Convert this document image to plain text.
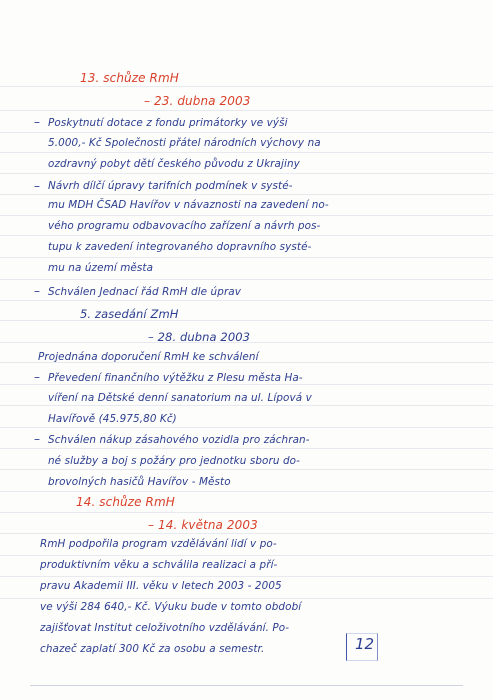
13. schůze RmH
– 23. dubna 2003
– Poskytnutí dotace z fondu primátorky ve výši
5.000,- Kč Společnosti přátel národních výchovy na
ozdravný pobyt dětí českého původu z Ukrajiny
– Návrh dílčí úpravy tarifních podmínek v systé-
mu MDH ČSAD Havířov v návaznosti na zavedení no-
vého programu odbavovacího zařízení a návrh pos-
tupu k zavedení integrovaného dopravního systé-
mu na území města
– Schválen Jednací řád RmH dle úprav
5. zasedání ZmH
– 28. dubna 2003
Projednána doporučení RmH ke schválení
– Převedení finančního výtěžku z Plesu města Ha-
víření na Dětské denní sanatorium na ul. Lípová v
Havířově (45.975,80 Kč)
– Schválen nákup zásahového vozidla pro záchran-
né služby a boj s požáry pro jednotku sboru do-
brovolných hasičů Havířov - Město
14. schůze RmH
– 14. května 2003
RmH podpořila program vzdělávání lidí v po-
produktivním věku a schválila realizaci a pří-
pravu Akademii III. věku v letech 2003 - 2005
ve výši 284 640,- Kč. Výuku bude v tomto období
zajišťovat Institut celoživotního vzdělávání. Po-
chazeč zaplatí 300 Kč za osobu a semestr.	12
